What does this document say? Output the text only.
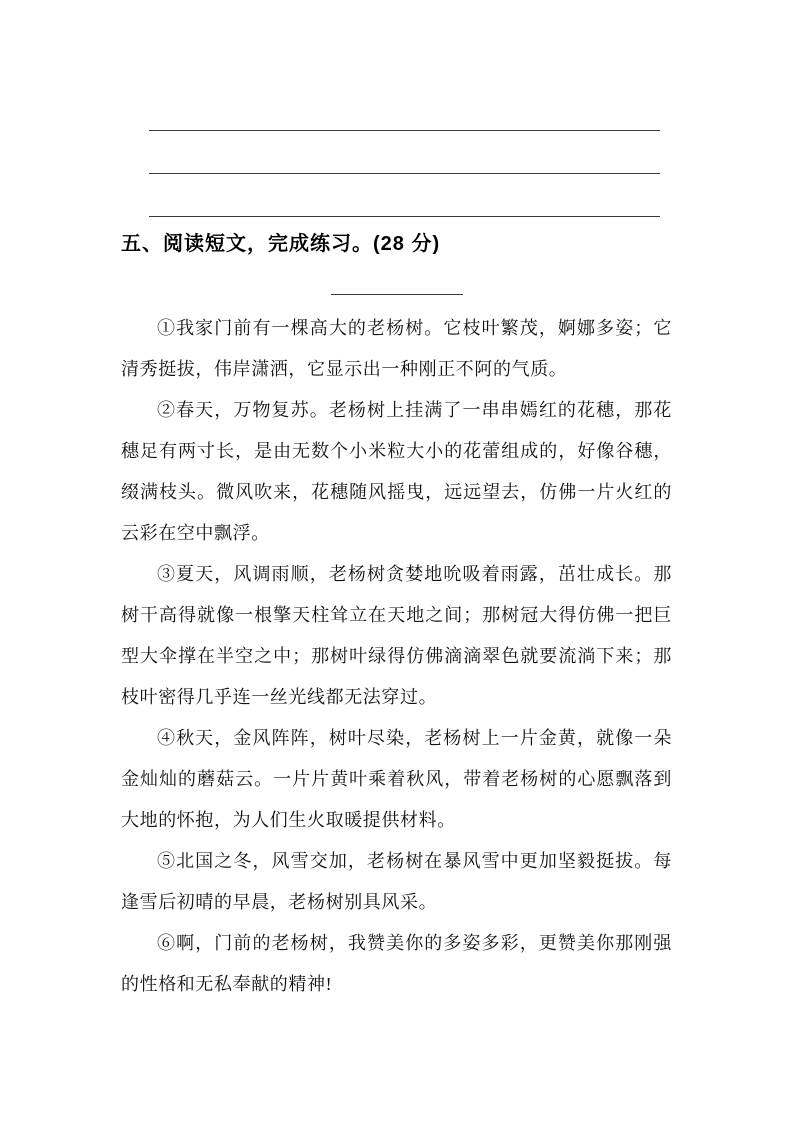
五、阅读短文，完成练习。(28 分)

①我家门前有一棵高大的老杨树。它枝叶繁茂，婀娜多姿；它清秀挺拔，伟岸潇洒，它显示出一种刚正不阿的气质。

②春天，万物复苏。老杨树上挂满了一串串嫣红的花穗，那花穗足有两寸长，是由无数个小米粒大小的花蕾组成的，好像谷穗，缀满枝头。微风吹来，花穗随风摇曳，远远望去，仿佛一片火红的云彩在空中飘浮。

③夏天，风调雨顺，老杨树贪婪地吮吸着雨露，茁壮成长。那树干高得就像一根擎天柱耸立在天地之间；那树冠大得仿佛一把巨型大伞撑在半空之中；那树叶绿得仿佛滴滴翠色就要流淌下来；那枝叶密得几乎连一丝光线都无法穿过。

④秋天，金风阵阵，树叶尽染，老杨树上一片金黄，就像一朵金灿灿的蘑菇云。一片片黄叶乘着秋风，带着老杨树的心愿飘落到大地的怀抱，为人们生火取暖提供材料。

⑤北国之冬，风雪交加，老杨树在暴风雪中更加坚毅挺拔。每逢雪后初晴的早晨，老杨树别具风采。

⑥啊，门前的老杨树，我赞美你的多姿多彩，更赞美你那刚强的性格和无私奉献的精神!
